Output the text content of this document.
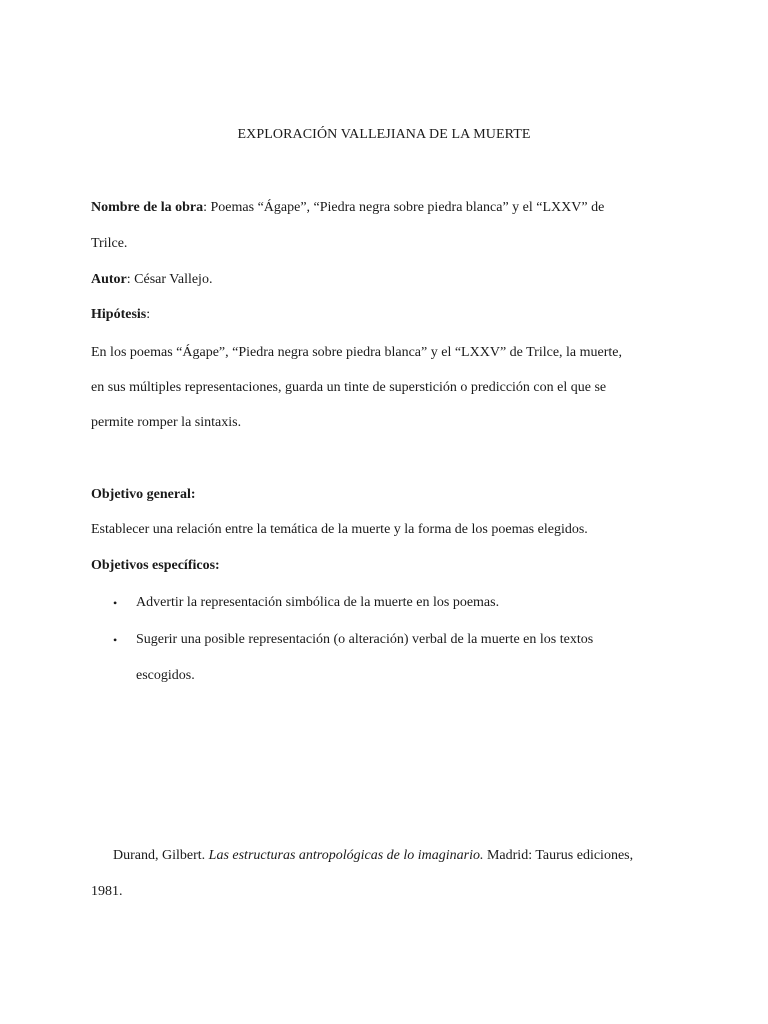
EXPLORACIÓN VALLEJIANA DE LA MUERTE
Nombre de la obra: Poemas “Ágape”, “Piedra negra sobre piedra blanca” y el “LXXV” de
Trilce.
Autor: César Vallejo.
Hipótesis:
En los poemas “Ágape”, “Piedra negra sobre piedra blanca” y el “LXXV” de Trilce, la muerte,
en sus múltiples representaciones, guarda un tinte de superstición o predicción con el que se
permite romper la sintaxis.
Objetivo general:
Establecer una relación entre la temática de la muerte y la forma de los poemas elegidos.
Objetivos específicos:
• Advertir la representación simbólica de la muerte en los poemas.
• Sugerir una posible representación (o alteración) verbal de la muerte en los textos
escogidos.
Durand, Gilbert. Las estructuras antropológicas de lo imaginario. Madrid: Taurus ediciones,
1981.
